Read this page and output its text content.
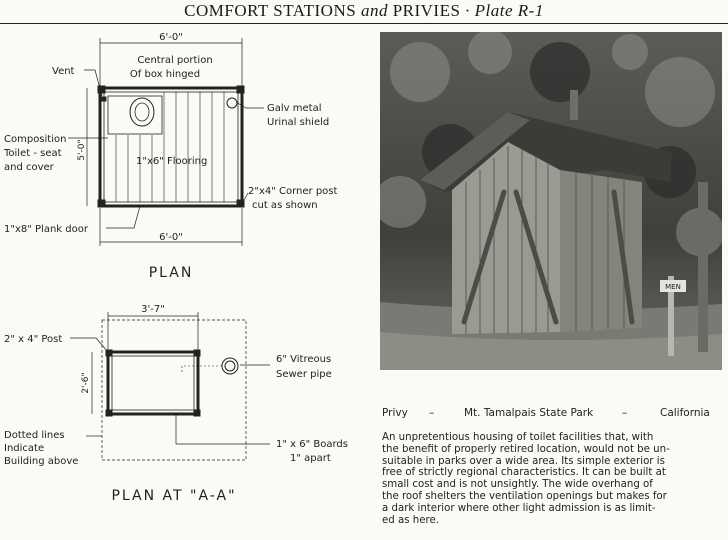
COMFORT STATIONS and PRIVIES · Plate R-1
6'-0"
Central portion
Of box hinged
Vent
Galv metal
Urinal shield
Composition
Toilet - seat
and cover
5'-0"
1"x6" Flooring
2"x4" Corner post
cut as shown
1"x8" Plank door
6'-0"
PLAN
3'-7"
2" x 4" Post
2'-6"
6" Vitreous
Sewer pipe
Dotted lines
Indicate
Building above
1" x 6" Boards
1" apart
PLAN AT "A-A"
MEN
Privy –	Mt. Tamalpais State Park	–	California
An unpretentious housing of toilet facilities that, with
the benefit of properly retired location, would not be un-
suitable in parks over a wide area. Its simple exterior is
free of strictly regional characteristics. It can be built at
small cost and is not unsightly. The wide overhang of
the roof shelters the ventilation openings but makes for
a dark interior where other light admission is as limit-
ed as here.
